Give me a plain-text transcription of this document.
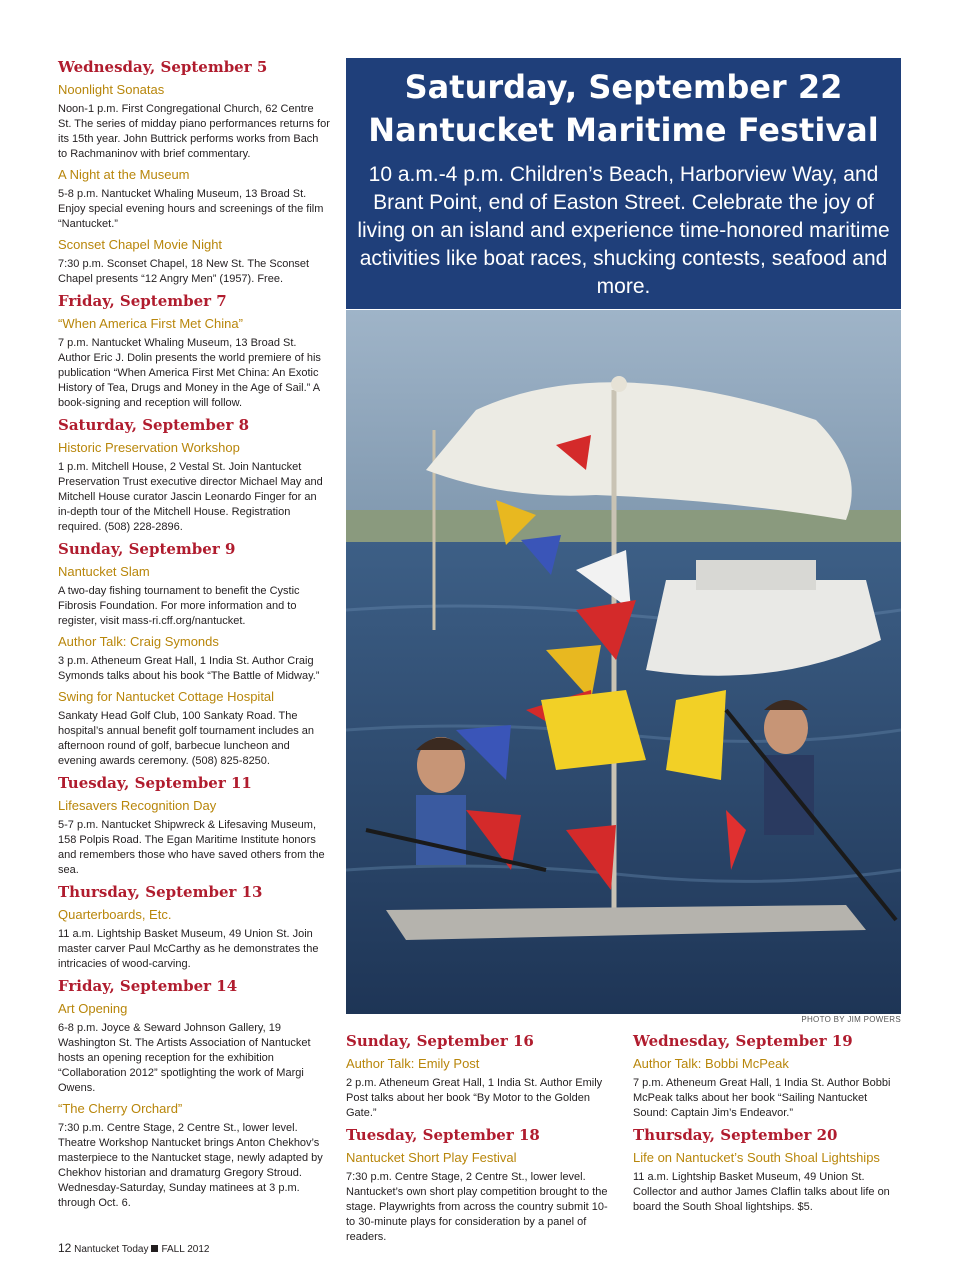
Wednesday, September 5
Noonlight Sonatas
Noon-1 p.m. First Congregational Church, 62 Centre St. The series of midday piano performances returns for its 15th year. John Buttrick performs works from Bach to Rachmaninov with brief commentary.
A Night at the Museum
5-8 p.m. Nantucket Whaling Museum, 13 Broad St. Enjoy special evening hours and screenings of the film “Nantucket.”
Sconset Chapel Movie Night
7:30 p.m. Sconset Chapel, 18 New St. The Sconset Chapel presents “12 Angry Men” (1957). Free.
Friday, September 7
“When America First Met China”
7 p.m. Nantucket Whaling Museum, 13 Broad St. Author Eric J. Dolin presents the world premiere of his publication “When America First Met China: An Exotic History of Tea, Drugs and Money in the Age of Sail.” A book-signing and reception will follow.
Saturday, September 8
Historic Preservation Workshop
1 p.m. Mitchell House, 2 Vestal St. Join Nantucket Preservation Trust executive director Michael May and Mitchell House curator Jascin Leonardo Finger for an in-depth tour of the Mitchell House. Registration required. (508) 228-2896.
Sunday, September 9
Nantucket Slam
A two-day fishing tournament to benefit the Cystic Fibrosis Foundation. For more information and to register, visit mass-ri.cff.org/nantucket.
Author Talk: Craig Symonds
3 p.m. Atheneum Great Hall, 1 India St. Author Craig Symonds talks about his book “The Battle of Midway.”
Swing for Nantucket Cottage Hospital
Sankaty Head Golf Club, 100 Sankaty Road. The hospital’s annual benefit golf tournament includes an afternoon round of golf, barbecue luncheon and evening awards ceremony. (508) 825-8250.
Tuesday, September 11
Lifesavers Recognition Day
5-7 p.m. Nantucket Shipwreck & Lifesaving Museum, 158 Polpis Road. The Egan Maritime Institute honors and remembers those who have saved others from the sea.
Thursday, September 13
Quarterboards, Etc.
11 a.m. Lightship Basket Museum, 49 Union St. Join master carver Paul McCarthy as he demonstrates the intricacies of wood-carving.
Friday, September 14
Art Opening
6-8 p.m. Joyce & Seward Johnson Gallery, 19 Washington St. The Artists Association of Nantucket hosts an opening reception for the exhibition “Collaboration 2012” spotlighting the work of Margi Owens.
“The Cherry Orchard”
7:30 p.m. Centre Stage, 2 Centre St., lower level. Theatre Workshop Nantucket brings Anton Chekhov’s masterpiece to the Nantucket stage, newly adapted by Chekhov historian and dramaturg Gregory Stroud. Wednesday-Saturday, Sunday matinees at 3 p.m. through Oct. 6.
Saturday, September 22
Nantucket Maritime Festival
10 a.m.-4 p.m. Children’s Beach, Harborview Way, and Brant Point, end of Easton Street. Celebrate the joy of living on an island and experience time-honored maritime activities like boat races, shucking contests, seafood and more.
PHOTO BY JIM POWERS
Sunday, September 16
Author Talk: Emily Post
2 p.m. Atheneum Great Hall, 1 India St. Author Emily Post talks about her book “By Motor to the Golden Gate.”
Tuesday, September 18
Nantucket Short Play Festival
7:30 p.m. Centre Stage, 2 Centre St., lower level. Nantucket’s own short play competition brought to the stage. Playwrights from across the country submit 10- to 30-minute plays for consideration by a panel of readers.
Wednesday, September 19
Author Talk: Bobbi McPeak
7 p.m. Atheneum Great Hall, 1 India St. Author Bobbi McPeak talks about her book “Sailing Nantucket Sound: Captain Jim’s Endeavor.”
Thursday, September 20
Life on Nantucket’s South Shoal Lightships
11 a.m. Lightship Basket Museum, 49 Union St. Collector and author James Claflin talks about life on board the South Shoal lightships. $5.
12 Nantucket Today FALL 2012
